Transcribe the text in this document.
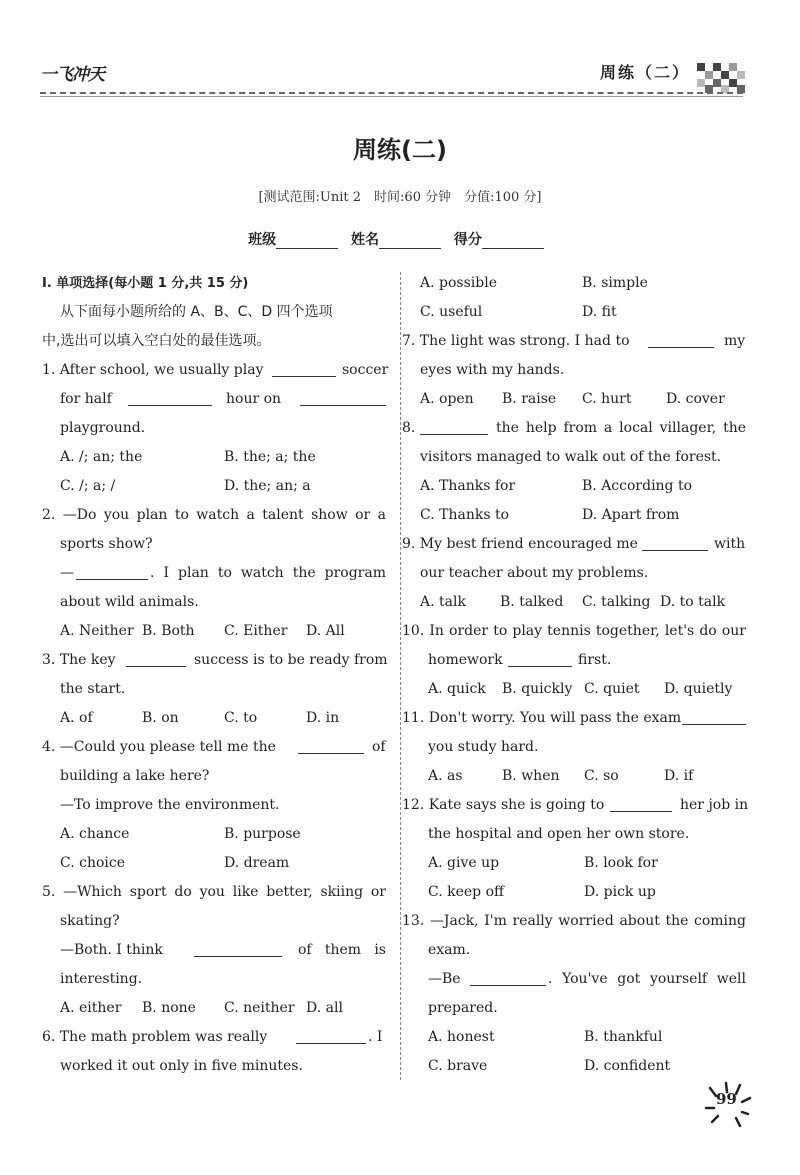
一飞冲天	周练（二）
周练(二)
[测试范围:Unit 2　时间:60 分钟　分值:100 分]
班级	姓名	得分
Ⅰ. 单项选择(每小题 1 分,共 15 分)
从下面每小题所给的 A、B、C、D 四个选项
中,选出可以填入空白处的最佳选项。
1. After school, we usually play	soccer
for half	hour on
playground.
A. /; an; the	B. the; a; the
C. /; a; /	D. the; an; a
2. —Do you plan to watch a talent show or a
sports show?
—	. I plan to watch the program
about wild animals.
A. Neither B. Both C. Either D. All
3. The key	success is to be ready from
the start.
A. of	B. on	C. to	D. in
4. —Could you please tell me the	of
building a lake here?
—To improve the environment.
A. chance	B. purpose
C. choice	D. dream
5. —Which sport do you like better, skiing or
skating?
—Both. I think	of them is
interesting.
A. either B. none C. neither D. all
6. The math problem was really	. I
worked it out only in five minutes.
A. possible	B. simple
C. useful	D. fit
7. The light was strong. I had to	my
eyes with my hands.
A. open B. raise C. hurt D. cover
8.	the help from a local villager, the
visitors managed to walk out of the forest.
A. Thanks for	B. According to
C. Thanks to	D. Apart from
9. My best friend encouraged me	with
our teacher about my problems.
A. talk B. talked C. talking D. to talk
10. In order to play tennis together, let's do our
homework	first.
A. quick B. quickly C. quiet D. quietly
11. Don't worry. You will pass the exam
you study hard.
A. as	B. when C. so	D. if
12. Kate says she is going to	her job in
the hospital and open her own store.
A. give up	B. look for
C. keep off	D. pick up
13. —Jack, I'm really worried about the coming
exam.
—Be	. You've got yourself well
prepared.
A. honest	B. thankful
C. brave	D. confident
99
